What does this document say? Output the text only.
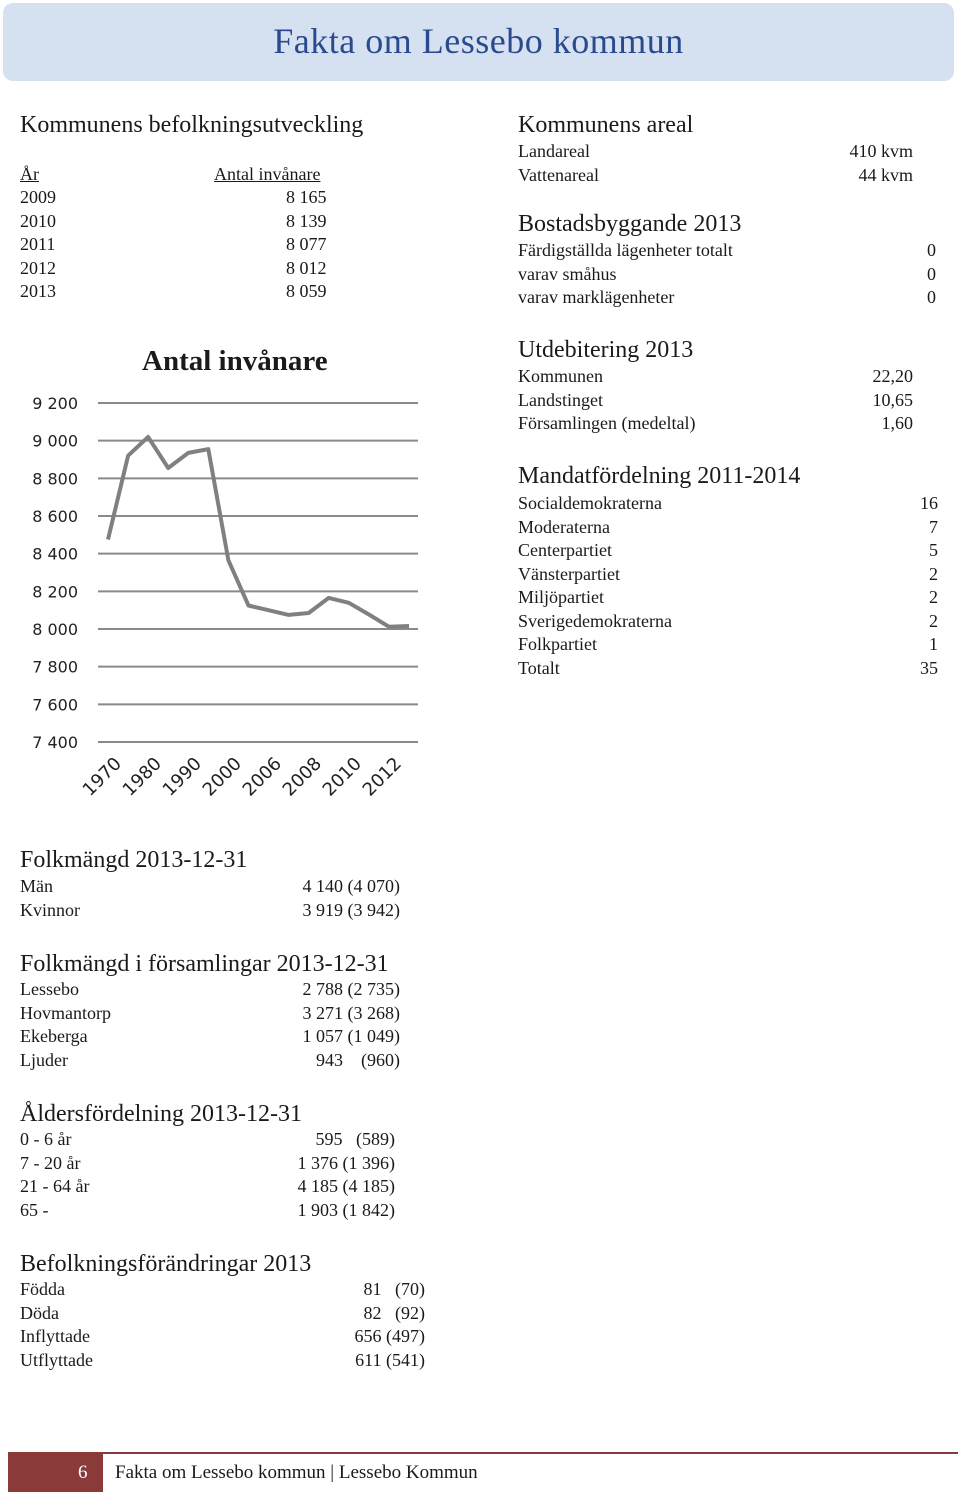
Fakta om Lessebo kommun
Kommunens befolkningsutveckling
År	Antal invånare
2009	8 165
2010	8 139
2011	8 077
2012	8 012
2013	8 059
Antal invånare
9 200
9 000
8 800
8 600
8 400
8 200
8 000
7 800
7 600
7 400
1970
1980
1990
2000
2006
2008
2010
2012
Kommunens areal
Landareal	410 kvm
Vattenareal	44 kvm
Bostadsbyggande 2013
Färdigställda lägenheter totalt	0
varav småhus	0
varav marklägenheter	0
Utdebitering 2013
Kommunen	22,20
Landstinget	10,65
Församlingen (medeltal)	1,60
Mandatfördelning 2011-2014
Socialdemokraterna	16
Moderaterna	7
Centerpartiet	5
Vänsterpartiet	2
Miljöpartiet	2
Sverigedemokraterna	2
Folkpartiet	1
Totalt	35
Folkmängd 2013-12-31
Män	4 140 (4 070)
Kvinnor	3 919 (3 942)
Folkmängd i församlingar 2013-12-31
Lessebo	2 788 (2 735)
Hovmantorp	3 271 (3 268)
Ekeberga	1 057 (1 049)
Ljuder	943    (960)
Åldersfördelning 2013-12-31
0 - 6 år	595   (589)
7 - 20 år	1 376 (1 396)
21 - 64 år	4 185 (4 185)
65 -	1 903 (1 842)
Befolkningsförändringar 2013
Födda	81   (70)
Döda	82   (92)
Inflyttade	656 (497)
Utflyttade	611 (541)
6 Fakta om Lessebo kommun | Lessebo Kommun
